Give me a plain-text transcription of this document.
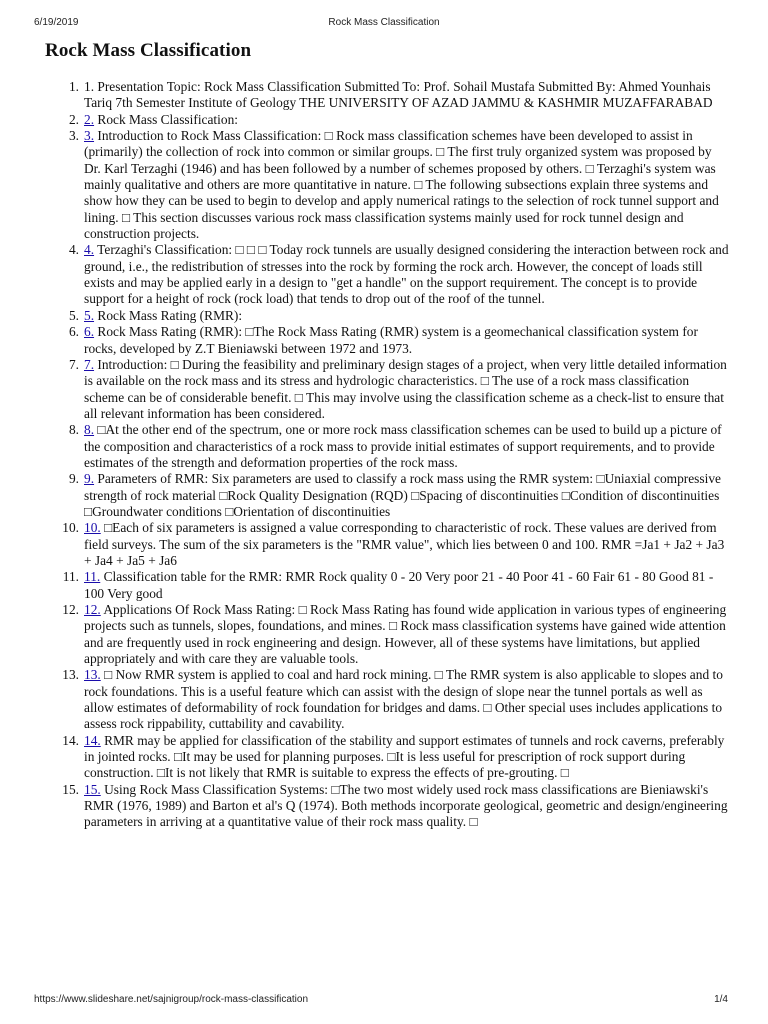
6/19/2019	Rock Mass Classification
Rock Mass Classification
1. 1. Presentation Topic: Rock Mass Classification Submitted To: Prof. Sohail Mustafa Submitted By: Ahmed Younhais Tariq 7th Semester Institute of Geology THE UNIVERSITY OF AZAD JAMMU & KASHMIR MUZAFFARABAD
2. 2. Rock Mass Classification:
3. 3. Introduction to Rock Mass Classification: □ Rock mass classification schemes have been developed to assist in (primarily) the collection of rock into common or similar groups. □ The first truly organized system was proposed by Dr. Karl Terzaghi (1946) and has been followed by a number of schemes proposed by others. □ Terzaghi's system was mainly qualitative and others are more quantitative in nature. □ The following subsections explain three systems and show how they can be used to begin to develop and apply numerical ratings to the selection of rock tunnel support and lining. □ This section discusses various rock mass classification systems mainly used for rock tunnel design and construction projects.
4. 4. Terzaghi's Classification: □ □ □ Today rock tunnels are usually designed considering the interaction between rock and ground, i.e., the redistribution of stresses into the rock by forming the rock arch. However, the concept of loads still exists and may be applied early in a design to "get a handle" on the support requirement. The concept is to provide support for a height of rock (rock load) that tends to drop out of the roof of the tunnel.
5. 5. Rock Mass Rating (RMR):
6. 6. Rock Mass Rating (RMR): □The Rock Mass Rating (RMR) system is a geomechanical classification system for rocks, developed by Z.T Bieniawski between 1972 and 1973.
7. 7. Introduction: □ During the feasibility and preliminary design stages of a project, when very little detailed information is available on the rock mass and its stress and hydrologic characteristics. □ The use of a rock mass classification scheme can be of considerable benefit. □ This may involve using the classification scheme as a check-list to ensure that all relevant information has been considered.
8. 8. □At the other end of the spectrum, one or more rock mass classification schemes can be used to build up a picture of the composition and characteristics of a rock mass to provide initial estimates of support requirements, and to provide estimates of the strength and deformation properties of the rock mass.
9. 9. Parameters of RMR: Six parameters are used to classify a rock mass using the RMR system: □Uniaxial compressive strength of rock material □Rock Quality Designation (RQD) □Spacing of discontinuities □Condition of discontinuities □Groundwater conditions □Orientation of discontinuities
10. 10. □Each of six parameters is assigned a value corresponding to characteristic of rock. These values are derived from field surveys. The sum of the six parameters is the "RMR value", which lies between 0 and 100. RMR =Ja1 + Ja2 + Ja3 + Ja4 + Ja5 + Ja6
11. 11. Classification table for the RMR: RMR Rock quality 0 - 20 Very poor 21 - 40 Poor 41 - 60 Fair 61 - 80 Good 81 - 100 Very good
12. 12. Applications Of Rock Mass Rating: □ Rock Mass Rating has found wide application in various types of engineering projects such as tunnels, slopes, foundations, and mines. □ Rock mass classification systems have gained wide attention and are frequently used in rock engineering and design. However, all of these systems have limitations, but applied appropriately and with care they are valuable tools.
13. 13. □ Now RMR system is applied to coal and hard rock mining. □ The RMR system is also applicable to slopes and to rock foundations. This is a useful feature which can assist with the design of slope near the tunnel portals as well as allow estimates of deformability of rock foundation for bridges and dams. □ Other special uses includes applications to assess rock rippability, cuttability and cavability.
14. 14. RMR may be applied for classification of the stability and support estimates of tunnels and rock caverns, preferably in jointed rocks. □It may be used for planning purposes. □It is less useful for prescription of rock support during construction. □It is not likely that RMR is suitable to express the effects of pre-grouting. □
15. 15. Using Rock Mass Classification Systems: □The two most widely used rock mass classifications are Bieniawski's RMR (1976, 1989) and Barton et al's Q (1974). Both methods incorporate geological, geometric and design/engineering parameters in arriving at a quantitative value of their rock mass quality. □
https://www.slideshare.net/sajnigroup/rock-mass-classification	1/4
